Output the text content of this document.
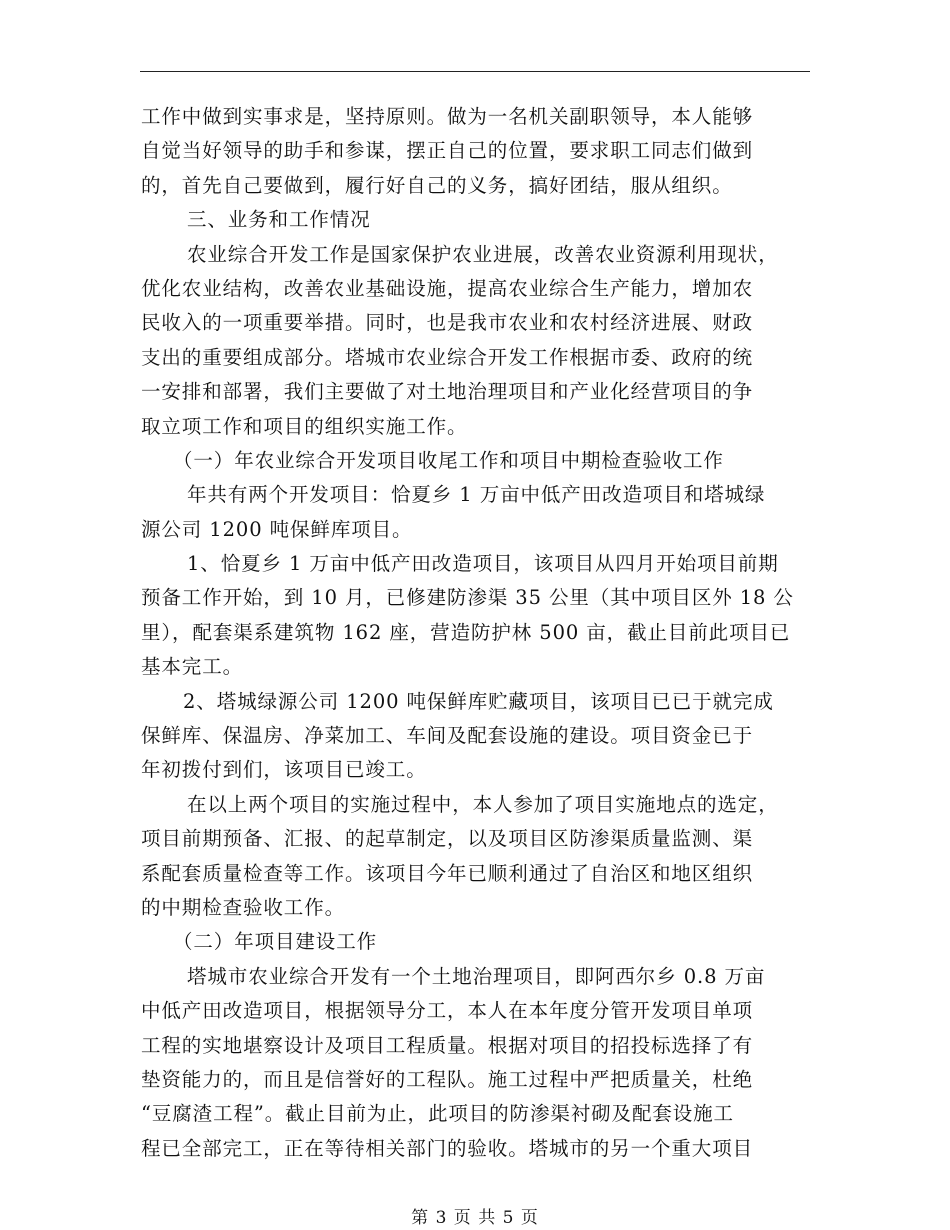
工作中做到实事求是，坚持原则。做为一名机关副职领导，本人能够
自觉当好领导的助手和参谋，摆正自己的位置，要求职工同志们做到
的，首先自己要做到，履行好自己的义务，搞好团结，服从组织。
三、业务和工作情况
农业综合开发工作是国家保护农业进展，改善农业资源利用现状，
优化农业结构，改善农业基础设施，提高农业综合生产能力，增加农
民收入的一项重要举措。同时，也是我市农业和农村经济进展、财政
支出的重要组成部分。塔城市农业综合开发工作根据市委、政府的统
一安排和部署，我们主要做了对土地治理项目和产业化经营项目的争
取立项工作和项目的组织实施工作。
（一）年农业综合开发项目收尾工作和项目中期检查验收工作
年共有两个开发项目：恰夏乡 1 万亩中低产田改造项目和塔城绿
源公司 1200 吨保鲜库项目。
1、恰夏乡 1 万亩中低产田改造项目，该项目从四月开始项目前期
预备工作开始，到 10 月，已修建防渗渠 35 公里（其中项目区外 18 公
里），配套渠系建筑物 162 座，营造防护林 500 亩，截止目前此项目已
基本完工。
2、塔城绿源公司 1200 吨保鲜库贮藏项目，该项目已已于就完成
保鲜库、保温房、净菜加工、车间及配套设施的建设。项目资金已于
年初拨付到们，该项目已竣工。
在以上两个项目的实施过程中，本人参加了项目实施地点的选定，
项目前期预备、汇报、的起草制定，以及项目区防渗渠质量监测、渠
系配套质量检查等工作。该项目今年已顺利通过了自治区和地区组织
的中期检查验收工作。
（二）年项目建设工作
塔城市农业综合开发有一个土地治理项目，即阿西尔乡 0.8 万亩
中低产田改造项目，根据领导分工，本人在本年度分管开发项目单项
工程的实地堪察设计及项目工程质量。根据对项目的招投标选择了有
垫资能力的，而且是信誉好的工程队。施工过程中严把质量关，杜绝
“豆腐渣工程”。截止目前为止，此项目的防渗渠衬砌及配套设施工
程已全部完工，正在等待相关部门的验收。塔城市的另一个重大项目
第 3 页 共 5 页
